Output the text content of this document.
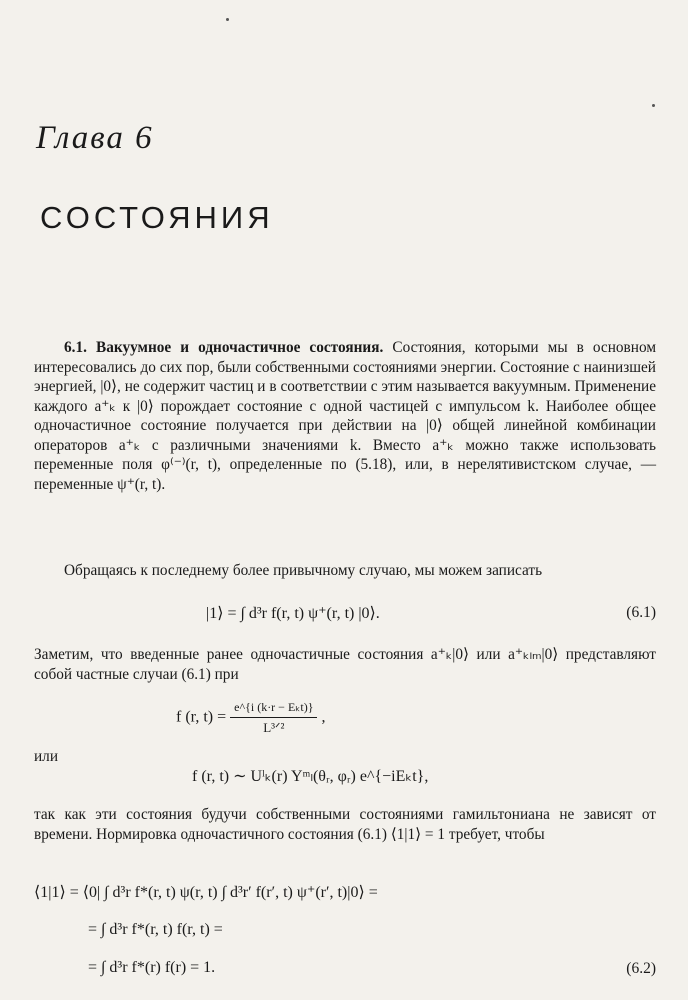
Глава 6
СОСТОЯНИЯ
6.1. Вакуумное и одночастичное состояния. Состояния, которыми мы в основном интересовались до сих пор, были собственными состояниями энергии. Состояние с наинизшей энергией, |0⟩, не содержит частиц и в соответствии с этим называется вакуумным. Применение каждого a⁺ₖ к |0⟩ порождает состояние с одной частицей с импульсом k. Наиболее общее одночастичное состояние получается при действии на |0⟩ общей линейной комбинации операторов a⁺ₖ с различными значениями k. Вместо a⁺ₖ можно также использовать переменные поля φ⁽⁻⁾(r, t), определенные по (5.18), или, в нерелятивистском случае, — переменные ψ⁺(r, t).
Обращаясь к последнему более привычному случаю, мы можем записать
|1⟩ = ∫ d³r f(r, t) ψ⁺(r, t) |0⟩.	(6.1)
Заметим, что введенные ранее одночастичные состояния a⁺ₖ|0⟩ или a⁺ₖₗₘ|0⟩ представляют собой частные случаи (6.1) при
f (r, $t) = \frac{\text{e\textasciicircum{}\{i (k·r − Eₖt)\}}}{\text{L³ᐟ²}}$ ,
или
f (r, t) ∼ Uˡₖ(r) Yᵐₗ(θᵣ, φᵣ) e^{−iEₖt},
так как эти состояния будучи собственными состояниями гамильтониана не зависят от времени. Нормировка одночастичного состояния (6.1) ⟨1|1⟩ = 1 требует, чтобы
⟨1|1⟩ = ⟨0| ∫ d³r f*(r, t) ψ(r, t) ∫ d³r′ f(r′, t) ψ⁺(r′, t)|0⟩ =
= ∫ d³r f*(r, t) f(r, t) =
= ∫ d³r f*(r) f(r) = 1.	(6.2)
